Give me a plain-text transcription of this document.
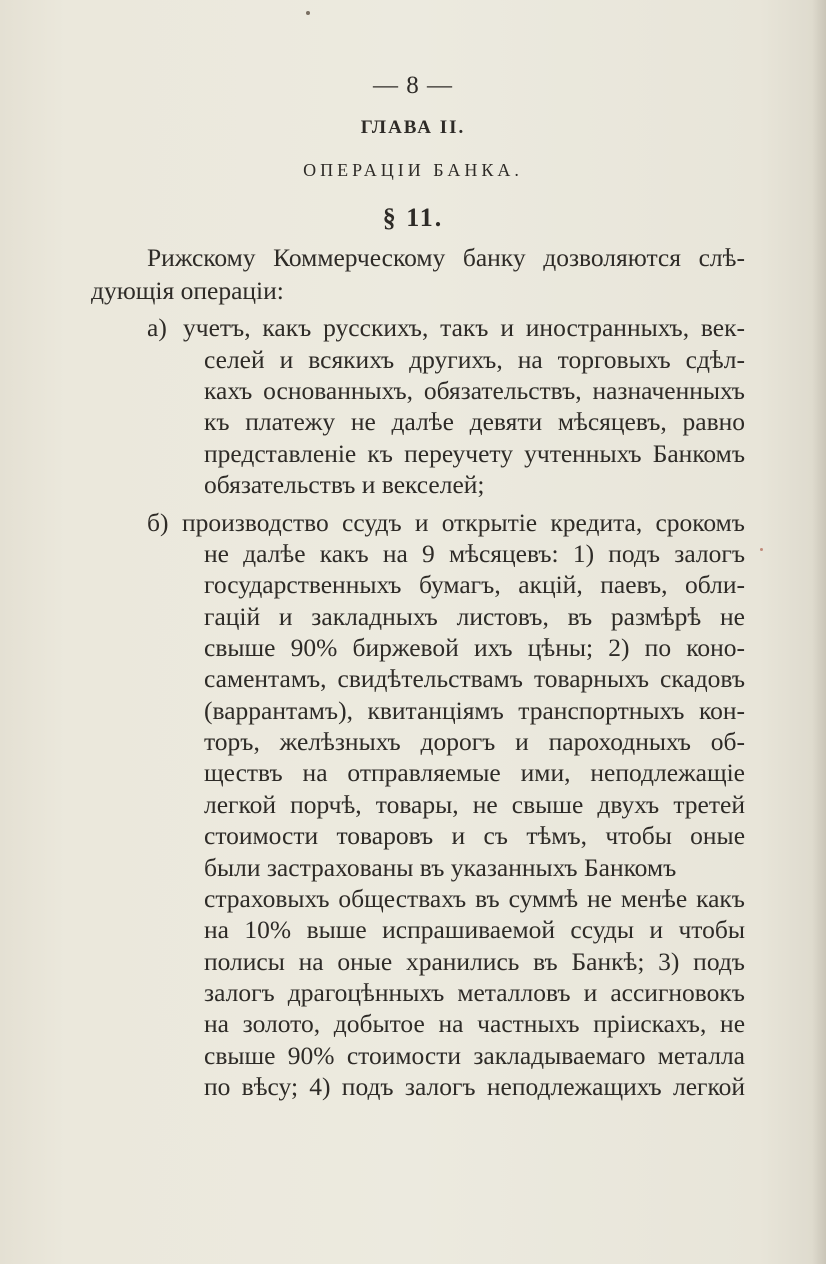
— 8 —
ГЛАВА II.
ОПЕРАЦIИ БАНКА.
§ 11.
Рижскому Коммерческому банку дозволяются слѣ-
дующiя операцiи:
а) учетъ, какъ русскихъ, такъ и иностранныхъ, век-
селей и всякихъ другихъ, на торговыхъ сдѣл-
кахъ основанныхъ, обязательствъ, назначенныхъ
къ платежу не далѣе девяти мѣсяцевъ, равно
представленiе къ переучету учтенныхъ Банкомъ
обязательствъ и векселей;
б) производство ссудъ и открытiе кредита, срокомъ
не далѣе какъ на 9 мѣсяцевъ: 1) подъ залогъ
государственныхъ бумагъ, акцiй, паевъ, обли-
гацiй и закладныхъ листовъ, въ размѣрѣ не
свыше 90% биржевой ихъ цѣны; 2) по коно-
саментамъ, свидѣтельствамъ товарныхъ скадовъ
(варрантамъ), квитанцiямъ транспортныхъ кон-
торъ, желѣзныхъ дорогъ и пароходныхъ об-
ществъ на отправляемые ими, неподлежащiе
легкой порчѣ, товары, не свыше двухъ третей
стоимости товаровъ и съ тѣмъ, чтобы оные
были застрахованы въ указанныхъ Банкомъ
страховыхъ обществахъ въ суммѣ не менѣе какъ
на 10% выше испрашиваемой ссуды и чтобы
полисы на оные хранились въ Банкѣ; 3) подъ
залогъ драгоцѣнныхъ металловъ и ассигновокъ
на золото, добытое на частныхъ прiискахъ, не
свыше 90% стоимости закладываемаго металла
по вѣсу; 4) подъ залогъ неподлежащихъ легкой
